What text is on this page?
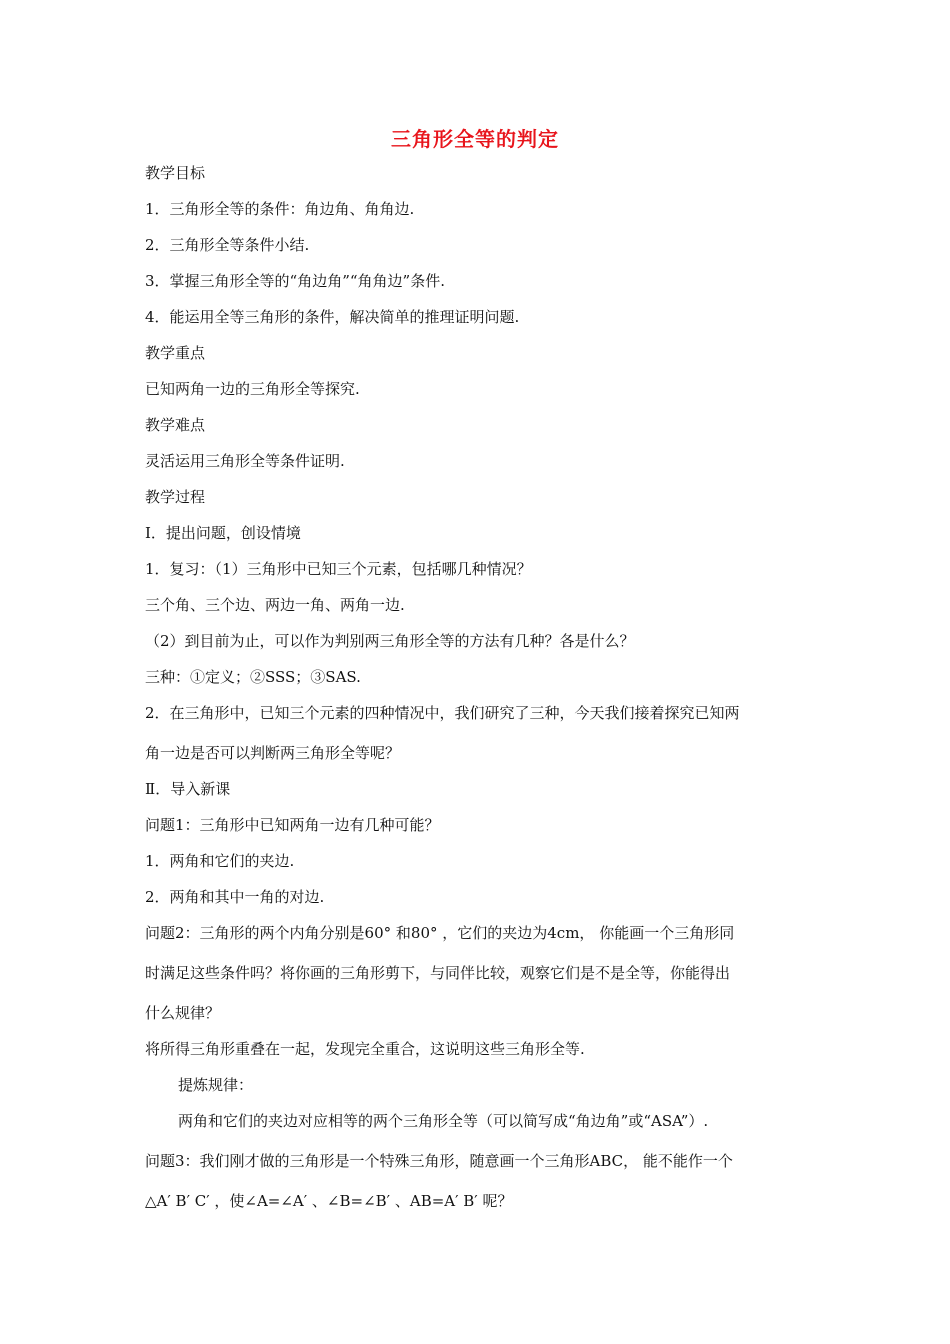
三角形全等的判定
教学目标
1．三角形全等的条件：角边角、角角边.
2．三角形全等条件小结.
3．掌握三角形全等的“角边角”“角角边”条件.
4．能运用全等三角形的条件，解决简单的推理证明问题.
教学重点
已知两角一边的三角形全等探究.
教学难点
灵活运用三角形全等条件证明.
教学过程
Ⅰ．提出问题，创设情境
1．复习：（1）三角形中已知三个元素，包括哪几种情况？
三个角、三个边、两边一角、两角一边.
（2）到目前为止，可以作为判别两三角形全等的方法有几种？各是什么？
三种：①定义；②SSS；③SAS.
2．在三角形中，已知三个元素的四种情况中，我们研究了三种，今天我们接着探究已知两
角一边是否可以判断两三角形全等呢？
Ⅱ．导入新课
问题1：三角形中已知两角一边有几种可能？
1．两角和它们的夹边.
2．两角和其中一角的对边.
问题2：三角形的两个内角分别是60° 和80° ，它们的夹边为4cm， 你能画一个三角形同
时满足这些条件吗？将你画的三角形剪下，与同伴比较，观察它们是不是全等，你能得出
什么规律？
将所得三角形重叠在一起，发现完全重合，这说明这些三角形全等.
提炼规律：
两角和它们的夹边对应相等的两个三角形全等（可以简写成“角边角”或“ASA”）.
问题3：我们刚才做的三角形是一个特殊三角形，随意画一个三角形ABC， 能不能作一个
△A′ B′ C′ ，使∠A=∠A′ 、∠B=∠B′ 、AB=A′ B′ 呢？
